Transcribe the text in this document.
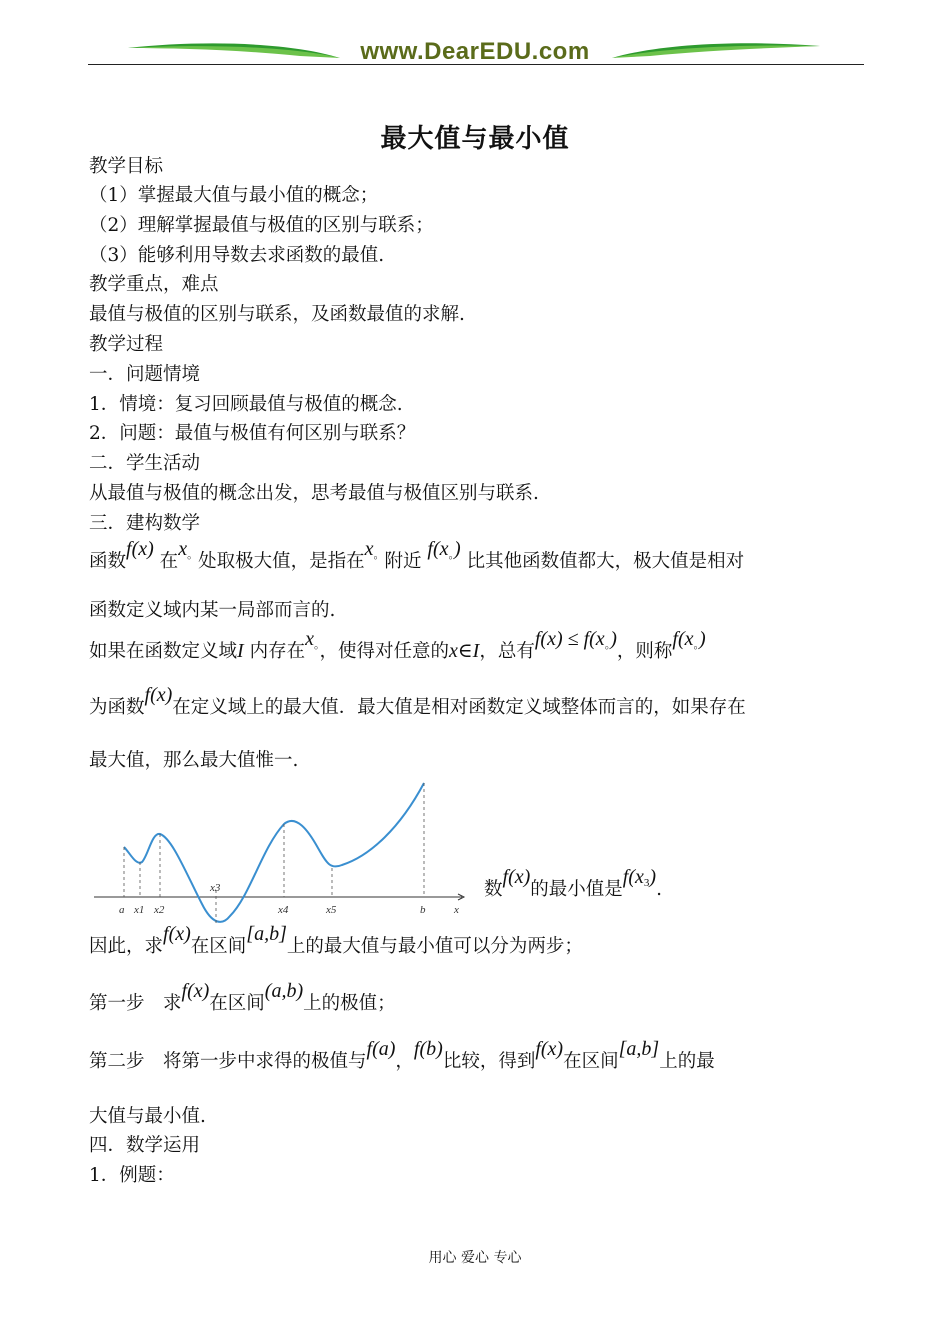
www.DearEDU.com
最大值与最小值
教学目标
（1）掌握最大值与最小值的概念；
（2）理解掌握最值与极值的区别与联系；
（3）能够利用导数去求函数的最值.
教学重点，难点
最值与极值的区别与联系，及函数最值的求解.
教学过程
一．问题情境
1．情境：复习回顾最值与极值的概念.
2．问题：最值与极值有何区别与联系？
二．学生活动
从最值与极值的概念出发，思考最值与极值区别与联系.
三．建构数学
函数f(x) 在$x_。$处取极大值，是指在$x_。$附近 $f(x_。)$ 比其他函数值都大，极大值是相对
函数定义域内某一局部而言的.
如果在函数定义域I 内存在$x_。$，使得对任意的x∈I，总有$f(x) \le f(x_。)$，则称$f(x_。)$
为函数f(x)在定义域上的最大值．最大值是相对函数定义域整体而言的，如果存在
最大值，那么最大值惟一.
a x1 x2
x3
x4	x5	b	x
数f(x)的最小值是$f(x_3)$.
因此，求f(x)在区间[a,b]上的最大值与最小值可以分为两步；
第一步　求f(x)在区间(a,b)上的极值；
第二步　将第一步中求得的极值与f(a)，f(b)比较，得到f(x)在区间[a,b]上的最
大值与最小值.
四．数学运用
1．例题：
用心 爱心 专心
